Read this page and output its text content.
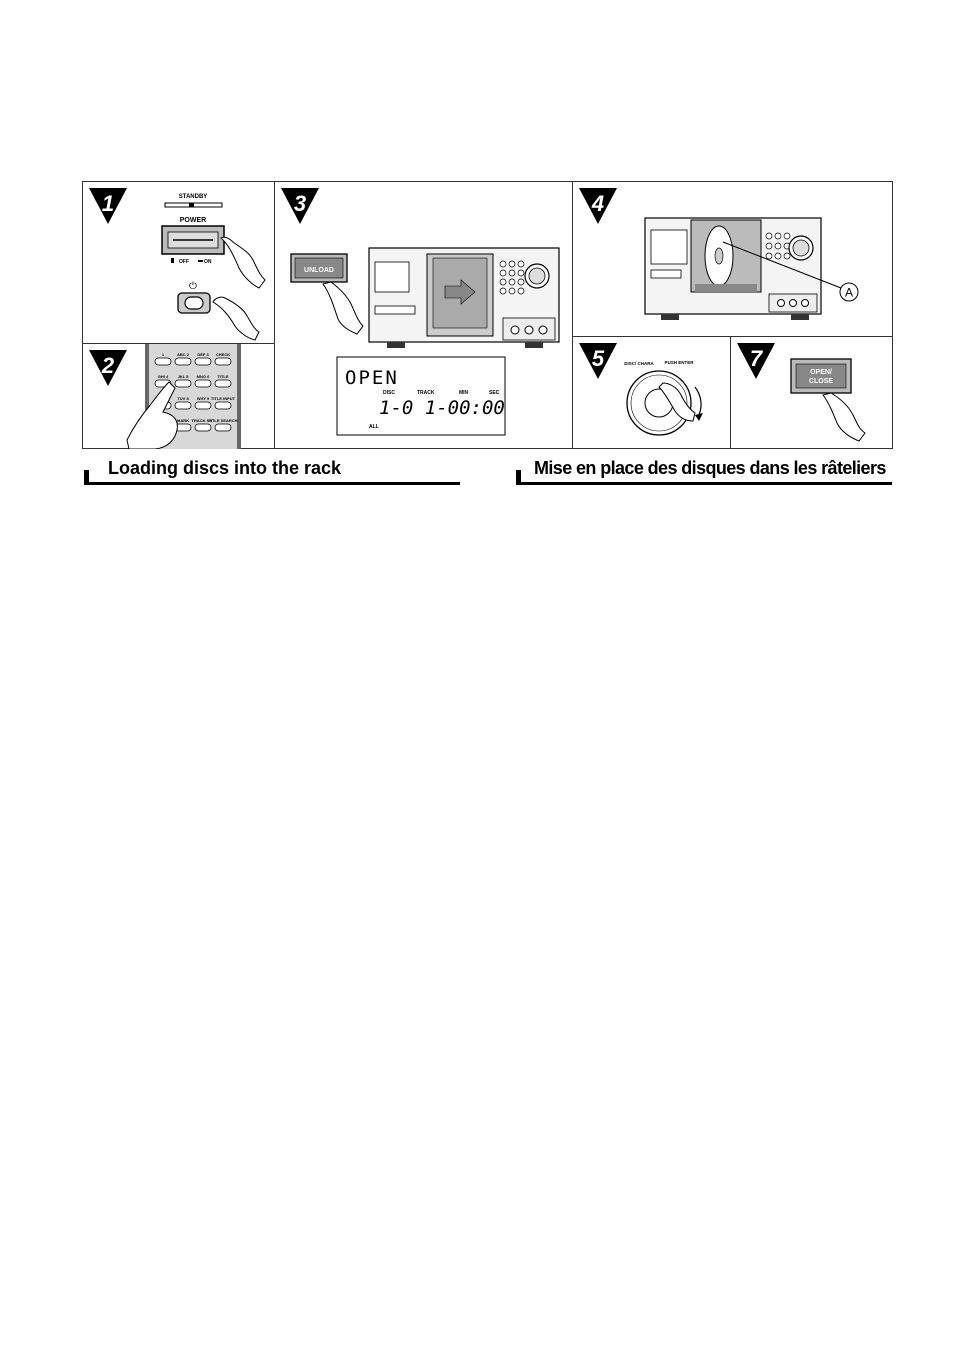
1	STANDBY
POWER
OFF	ON
⏻
1	ABC 2 DEF 3 CHECK
GHI 4 JKL 5 MNO 6 TITLE
TUV 8 WXY 9 TITLE INPUT
MARK TRACK SET
TITLE SEARCH
2
3
UNLOAD
OPEN
DISC	TRACK	MIN	SEC
1-0 1-00:00
ALL
4
A
5	DISC/ CHARA PUSH ENTER	7
OPEN/
CLOSE
Loading discs into the rack	Mise en place des disques dans les râteliers
